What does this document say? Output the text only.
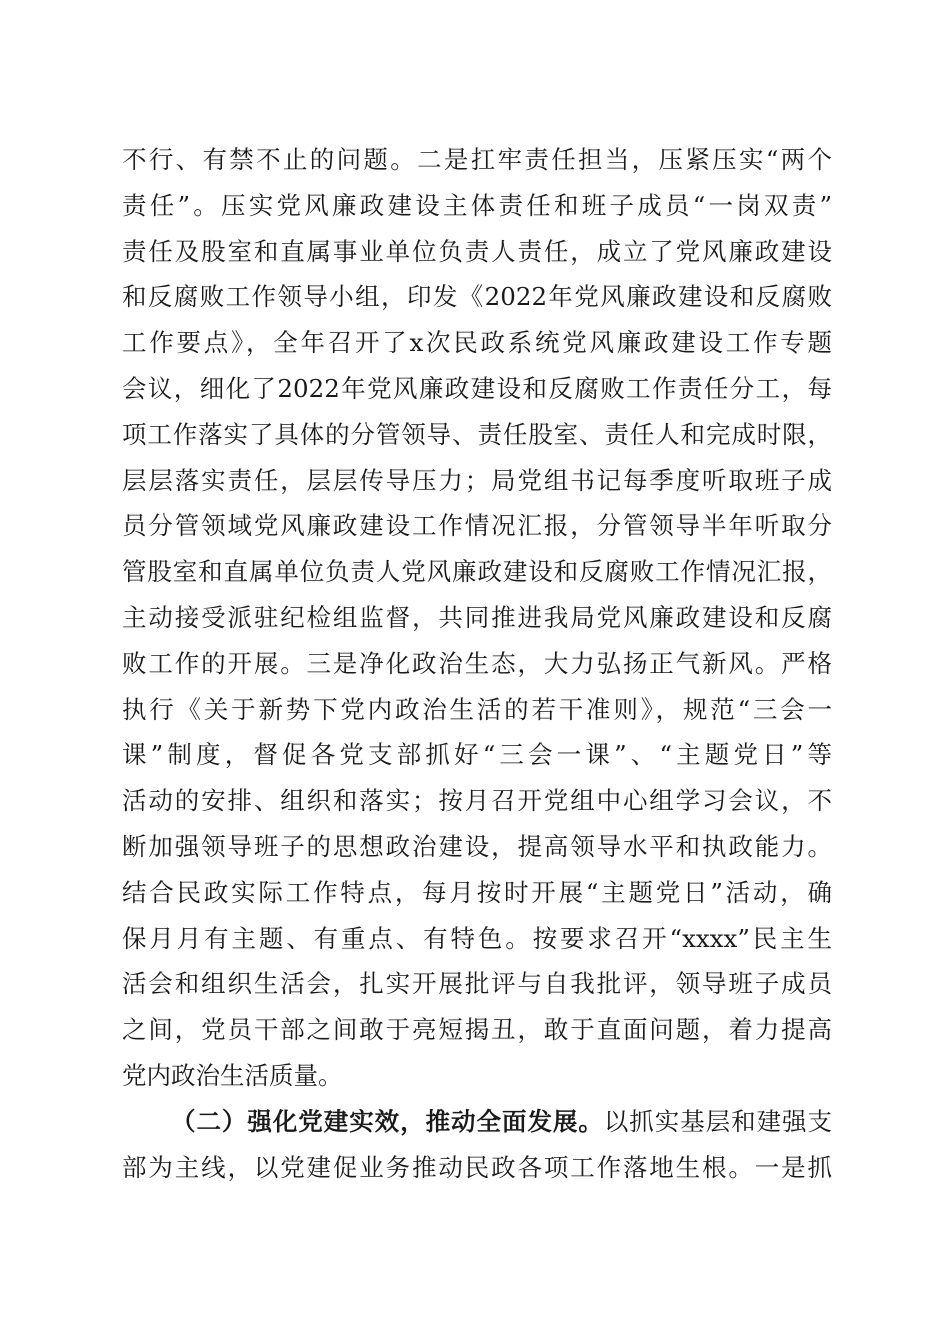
不行、有禁不止的问题。二是扛牢责任担当，压紧压实“两个
责任”。压实党风廉政建设主体责任和班子成员“一岗双责”
责任及股室和直属事业单位负责人责任，成立了党风廉政建设
和反腐败工作领导小组，印发《2022年党风廉政建设和反腐败
工作要点》，全年召开了x次民政系统党风廉政建设工作专题
会议，细化了2022年党风廉政建设和反腐败工作责任分工，每
项工作落实了具体的分管领导、责任股室、责任人和完成时限，
层层落实责任，层层传导压力；局党组书记每季度听取班子成
员分管领域党风廉政建设工作情况汇报，分管领导半年听取分
管股室和直属单位负责人党风廉政建设和反腐败工作情况汇报，
主动接受派驻纪检组监督，共同推进我局党风廉政建设和反腐
败工作的开展。三是净化政治生态，大力弘扬正气新风。严格
执行《关于新势下党内政治生活的若干准则》，规范“三会一
课”制度，督促各党支部抓好“三会一课”、“主题党日”等
活动的安排、组织和落实；按月召开党组中心组学习会议，不
断加强领导班子的思想政治建设，提高领导水平和执政能力。
结合民政实际工作特点，每月按时开展“主题党日”活动，确
保月月有主题、有重点、有特色。按要求召开“xxxx”民主生
活会和组织生活会，扎实开展批评与自我批评，领导班子成员
之间，党员干部之间敢于亮短揭丑，敢于直面问题，着力提高
党内政治生活质量。
（二）强化党建实效，推动全面发展。以抓实基层和建强支
部为主线，以党建促业务推动民政各项工作落地生根。一是抓
